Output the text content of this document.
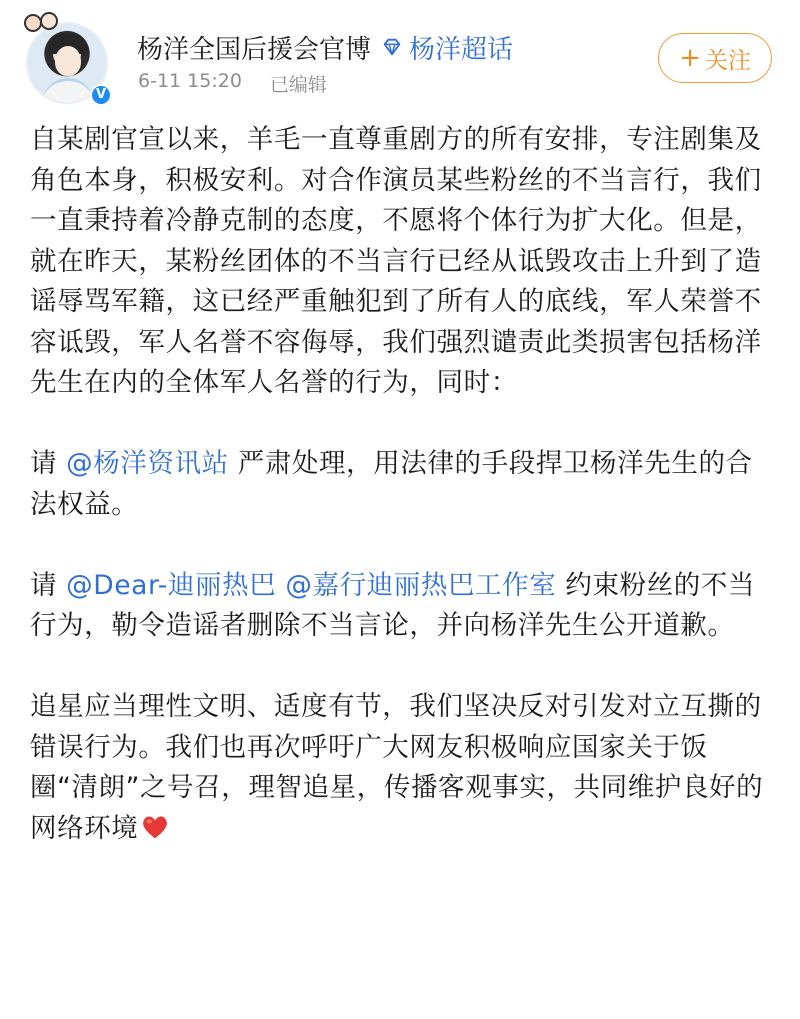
V
杨洋全国后援会官博 杨洋超话
6-11 15:20 已编辑
+ 关注

自某剧官宣以来，羊毛一直尊重剧方的所有安排，专注剧集及角色本身，积极安利。对合作演员某些粉丝的不当言行，我们一直秉持着冷静克制的态度，不愿将个体行为扩大化。但是，就在昨天，某粉丝团体的不当言行已经从诋毁攻击上升到了造谣辱骂军籍，这已经严重触犯到了所有人的底线，军人荣誉不容诋毁，军人名誉不容侮辱，我们强烈谴责此类损害包括杨洋先生在内的全体军人名誉的行为，同时：

请 @杨洋资讯站 严肃处理，用法律的手段捍卫杨洋先生的合法权益。

请 @Dear-迪丽热巴 @嘉行迪丽热巴工作室 约束粉丝的不当行为，勒令造谣者删除不当言论，并向杨洋先生公开道歉。

追星应当理性文明、适度有节，我们坚决反对引发对立互撕的错误行为。我们也再次呼吁广大网友积极响应国家关于饭圈“清朗”之号召，理智追星，传播客观事实，共同维护良好的网络环境
